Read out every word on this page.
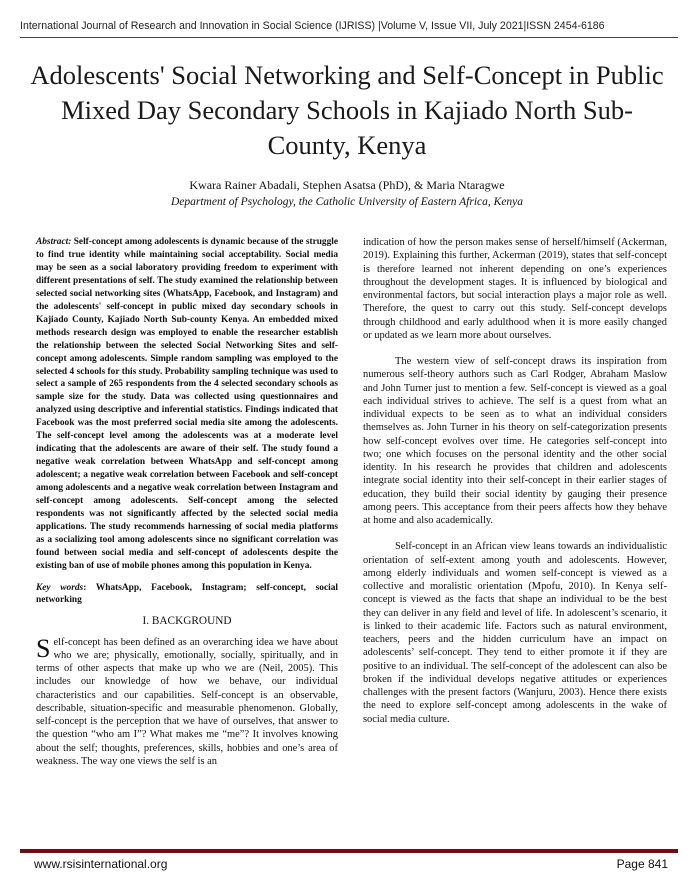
International Journal of Research and Innovation in Social Science (IJRISS) |Volume V, Issue VII, July 2021|ISSN 2454-6186
Adolescents' Social Networking and Self-Concept in Public Mixed Day Secondary Schools in Kajiado North Sub-County, Kenya
Kwara Rainer Abadali, Stephen Asatsa (PhD), & Maria Ntaragwe
Department of Psychology, the Catholic University of Eastern Africa, Kenya

Abstract: Self-concept among adolescents is dynamic because of the struggle to find true identity while maintaining social acceptability. Social media may be seen as a social laboratory providing freedom to experiment with different presentations of self. The study examined the relationship between selected social networking sites (WhatsApp, Facebook, and Instagram) and the adolescents' self-concept in public mixed day secondary schools in Kajiado County, Kajiado North Sub-county Kenya. An embedded mixed methods research design was employed to enable the researcher establish the relationship between the selected Social Networking Sites and self-concept among adolescents. Simple random sampling was employed to the selected 4 schools for this study. Probability sampling technique was used to select a sample of 265 respondents from the 4 selected secondary schools as sample size for the study. Data was collected using questionnaires and analyzed using descriptive and inferential statistics. Findings indicated that Facebook was the most preferred social media site among the adolescents. The self-concept level among the adolescents was at a moderate level indicating that the adolescents are aware of their self. The study found a negative weak correlation between WhatsApp and self-concept among adolescent; a negative weak correlation between Facebook and self-concept among adolescents and a negative weak correlation between Instagram and self-concept among adolescents. Self-concept among the selected respondents was not significantly affected by the selected social media applications. The study recommends harnessing of social media platforms as a socializing tool among adolescents since no significant correlation was found between social media and self-concept of adolescents despite the existing ban of use of mobile phones among this population in Kenya.

Key words: WhatsApp, Facebook, Instagram; self-concept, social networking

I. BACKGROUND

Self-concept has been defined as an overarching idea we have about who we are; physically, emotionally, socially, spiritually, and in terms of other aspects that make up who we are (Neil, 2005). This includes our knowledge of how we behave, our individual characteristics and our capabilities. Self-concept is an observable, describable, situation-specific and measurable phenomenon. Globally, self-concept is the perception that we have of ourselves, that answer to the question “who am I”? What makes me “me”? It involves knowing about the self; thoughts, preferences, skills, hobbies and one’s area of weakness. The way one views the self is an

indication of how the person makes sense of herself/himself (Ackerman, 2019). Explaining this further, Ackerman (2019), states that self-concept is therefore learned not inherent depending on one’s experiences throughout the development stages. It is influenced by biological and environmental factors, but social interaction plays a major role as well. Therefore, the quest to carry out this study. Self-concept develops through childhood and early adulthood when it is more easily changed or updated as we learn more about ourselves.

The western view of self-concept draws its inspiration from numerous self-theory authors such as Carl Rodger, Abraham Maslow and John Turner just to mention a few. Self-concept is viewed as a goal each individual strives to achieve. The self is a quest from what an individual expects to be seen as to what an individual considers themselves as. John Turner in his theory on self-categorization presents how self-concept evolves over time. He categories self-concept into two; one which focuses on the personal identity and the other social identity. In his research he provides that children and adolescents integrate social identity into their self-concept in their earlier stages of education, they build their social identity by gauging their presence among peers. This acceptance from their peers affects how they behave at home and also academically.

Self-concept in an African view leans towards an individualistic orientation of self-extent among youth and adolescents. However, among elderly individuals and women self-concept is viewed as a collective and moralistic orientation (Mpofu, 2010). In Kenya self-concept is viewed as the facts that shape an individual to be the best they can deliver in any field and level of life. In adolescent’s scenario, it is linked to their academic life. Factors such as natural environment, teachers, peers and the hidden curriculum have an impact on adolescents’ self-concept. They tend to either promote it if they are positive to an individual. The self-concept of the adolescent can also be broken if the individual develops negative attitudes or experiences challenges with the present factors (Wanjuru, 2003). Hence there exists the need to explore self-concept among adolescents in the wake of social media culture.

www.rsisinternational.org	Page 841
